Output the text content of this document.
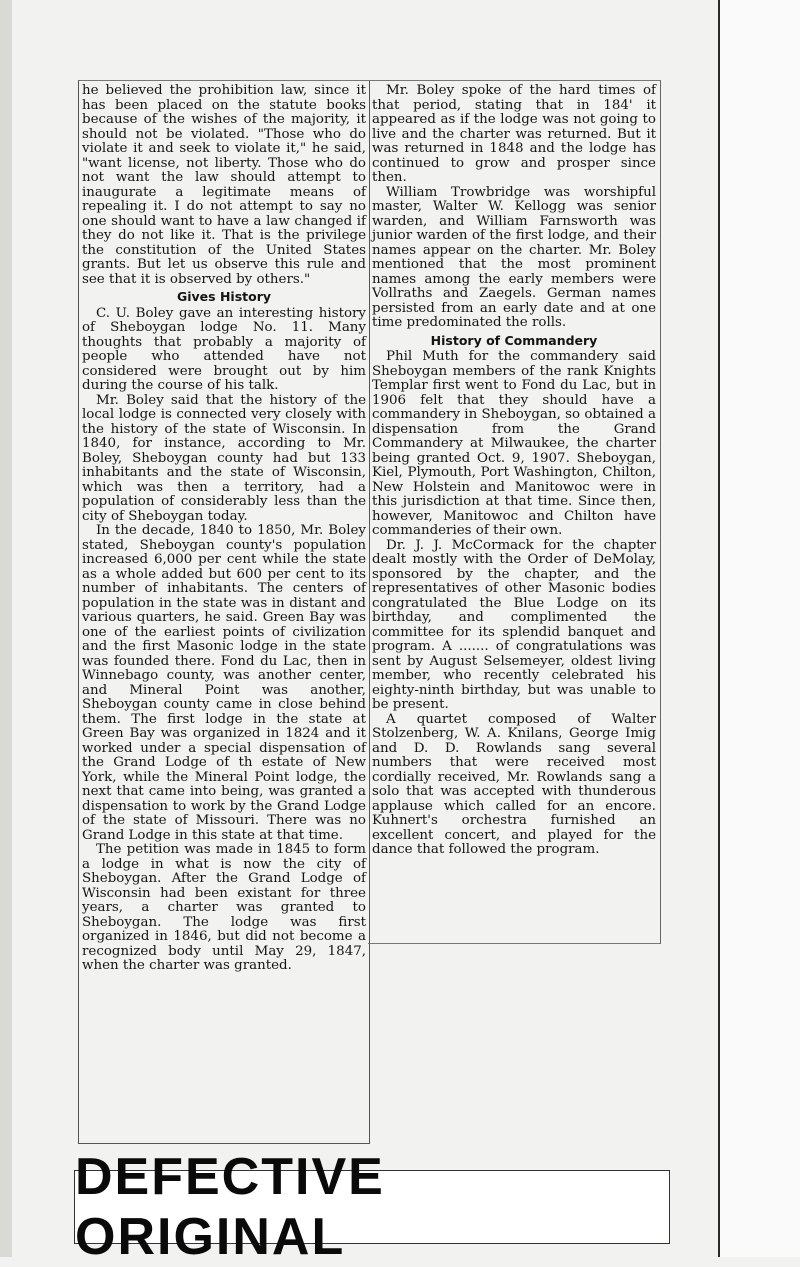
he believed the prohibition law, since it has been placed on the statute books because of the wishes of the majority, it should not be violated. "Those who do violate it and seek to violate it," he said, "want license, not liberty. Those who do not want the law should attempt to inaugurate a legitimate means of repealing it. I do not attempt to say no one should want to have a law changed if they do not like it. That is the privilege the constitution of the United States grants. But let us observe this rule and see that it is observed by others."

Gives History

C. U. Boley gave an interesting history of Sheboygan lodge No. 11. Many thoughts that probably a majority of people who attended have not considered were brought out by him during the course of his talk.

Mr. Boley said that the history of the local lodge is connected very closely with the history of the state of Wisconsin. In 1840, for instance, according to Mr. Boley, Sheboygan county had but 133 inhabitants and the state of Wisconsin, which was then a territory, had a population of considerably less than the city of Sheboygan today.

In the decade, 1840 to 1850, Mr. Boley stated, Sheboygan county's population increased 6,000 per cent while the state as a whole added but 600 per cent to its number of inhabitants. The centers of population in the state was in distant and various quarters, he said. Green Bay was one of the earliest points of civilization and the first Masonic lodge in the state was founded there. Fond du Lac, then in Winnebago county, was another center, and Mineral Point was another, Sheboygan county came in close behind them. The first lodge in the state at Green Bay was organized in 1824 and it worked under a special dispensation of the Grand Lodge of th estate of New York, while the Mineral Point lodge, the next that came into being, was granted a dispensation to work by the Grand Lodge of the state of Missouri. There was no Grand Lodge in this state at that time.

The petition was made in 1845 to form a lodge in what is now the city of Sheboygan. After the Grand Lodge of Wisconsin had been existant for three years, a charter was granted to Sheboygan. The lodge was first organized in 1846, but did not become a recognized body until May 29, 1847, when the charter was granted.

Mr. Boley spoke of the hard times of that period, stating that in 184' it appeared as if the lodge was not going to live and the charter was returned. But it was returned in 1848 and the lodge has continued to grow and prosper since then.

William Trowbridge was worshipful master, Walter W. Kellogg was senior warden, and William Farnsworth was junior warden of the first lodge, and their names appear on the charter. Mr. Boley mentioned that the most prominent names among the early members were Vollraths and Zaegels. German names persisted from an early date and at one time predominated the rolls.

History of Commandery

Phil Muth for the commandery said Sheboygan members of the rank Knights Templar first went to Fond du Lac, but in 1906 felt that they should have a commandery in Sheboygan, so obtained a dispensation from the Grand Commandery at Milwaukee, the charter being granted Oct. 9, 1907. Sheboygan, Kiel, Plymouth, Port Washington, Chilton, New Holstein and Manitowoc were in this jurisdiction at that time. Since then, however, Manitowoc and Chilton have commanderies of their own.

Dr. J. J. McCormack for the chapter dealt mostly with the Order of DeMolay, sponsored by the chapter, and the representatives of other Masonic bodies congratulated the Blue Lodge on its birthday, and complimented the committee for its splendid banquet and program. A ....... of congratulations was sent by August Selsemeyer, oldest living member, who recently celebrated his eighty-ninth birthday, but was unable to be present.

A quartet composed of Walter Stolzenberg, W. A. Knilans, George Imig and D. D. Rowlands sang several numbers that were received most cordially received, Mr. Rowlands sang a solo that was accepted with thunderous applause which called for an encore. Kuhnert's orchestra furnished an excellent concert, and played for the dance that followed the program.

DEFECTIVE ORIGINAL
